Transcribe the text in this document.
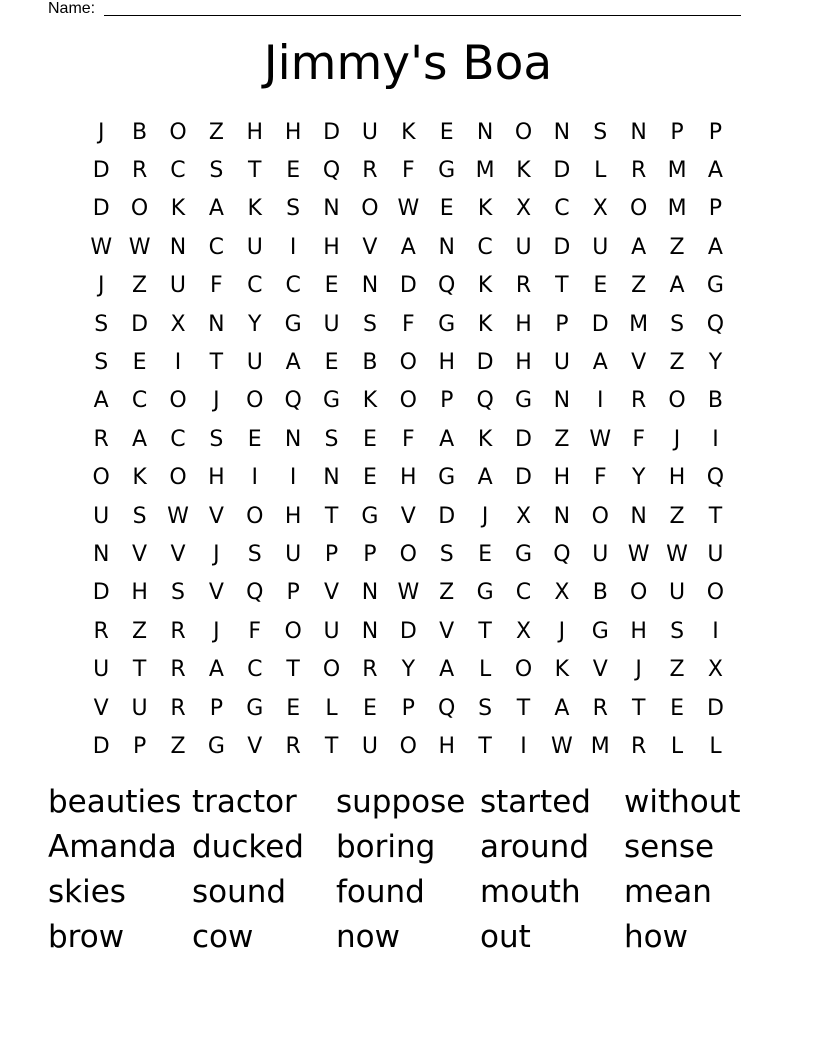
Name:
Jimmy's Boa
J	B	O	Z	H H D U	K	E	N O N	S	N	P	P
D	R	C	S	T	E	Q	R	F	G M K	D	L	R M A
D O	K	A	K	S	N O W E	K	X	C	X	O M	P
W W N	C	U	I	H	V	A	N	C	U D U	A	Z	A
J	Z	U	F	C	C	E	N D Q	K	R	T	E	Z	A	G
S	D	X	N	Y	G U	S	F	G	K	H	P	D M S	Q
S	E	I	T	U	A	E	B	O H D H	U	A	V	Z	Y
A	C	O	J	O Q G	K	O	P	Q G N	I	R	O	B
R	A	C	S	E	N	S	E	F	A	K	D	Z W F	J	I
O	K	O H	I	I	N	E	H G	A	D H	F	Y	H Q
U	S W V	O H	T	G	V	D	J	X	N O N	Z	T
N	V	V	J	S	U	P	P	O	S	E	G Q U W W U
D H	S	V	Q	P	V	N W Z	G	C	X	B	O U O
R	Z	R	J	F	O U	N D	V	T	X	J	G H	S	I
U	T	R	A	C	T	O	R	Y	A	L	O	K	V	J	Z	X
V	U	R	P	G	E	L	E	P	Q	S	T	A	R	T	E	D
D	P	Z	G	V	R	T	U O H	T	I	W M R	L	L
beauties tractor	suppose started	without
Amanda ducked	boring	around	sense
skies	sound	found	mouth	mean
brow	cow	now	out	how
